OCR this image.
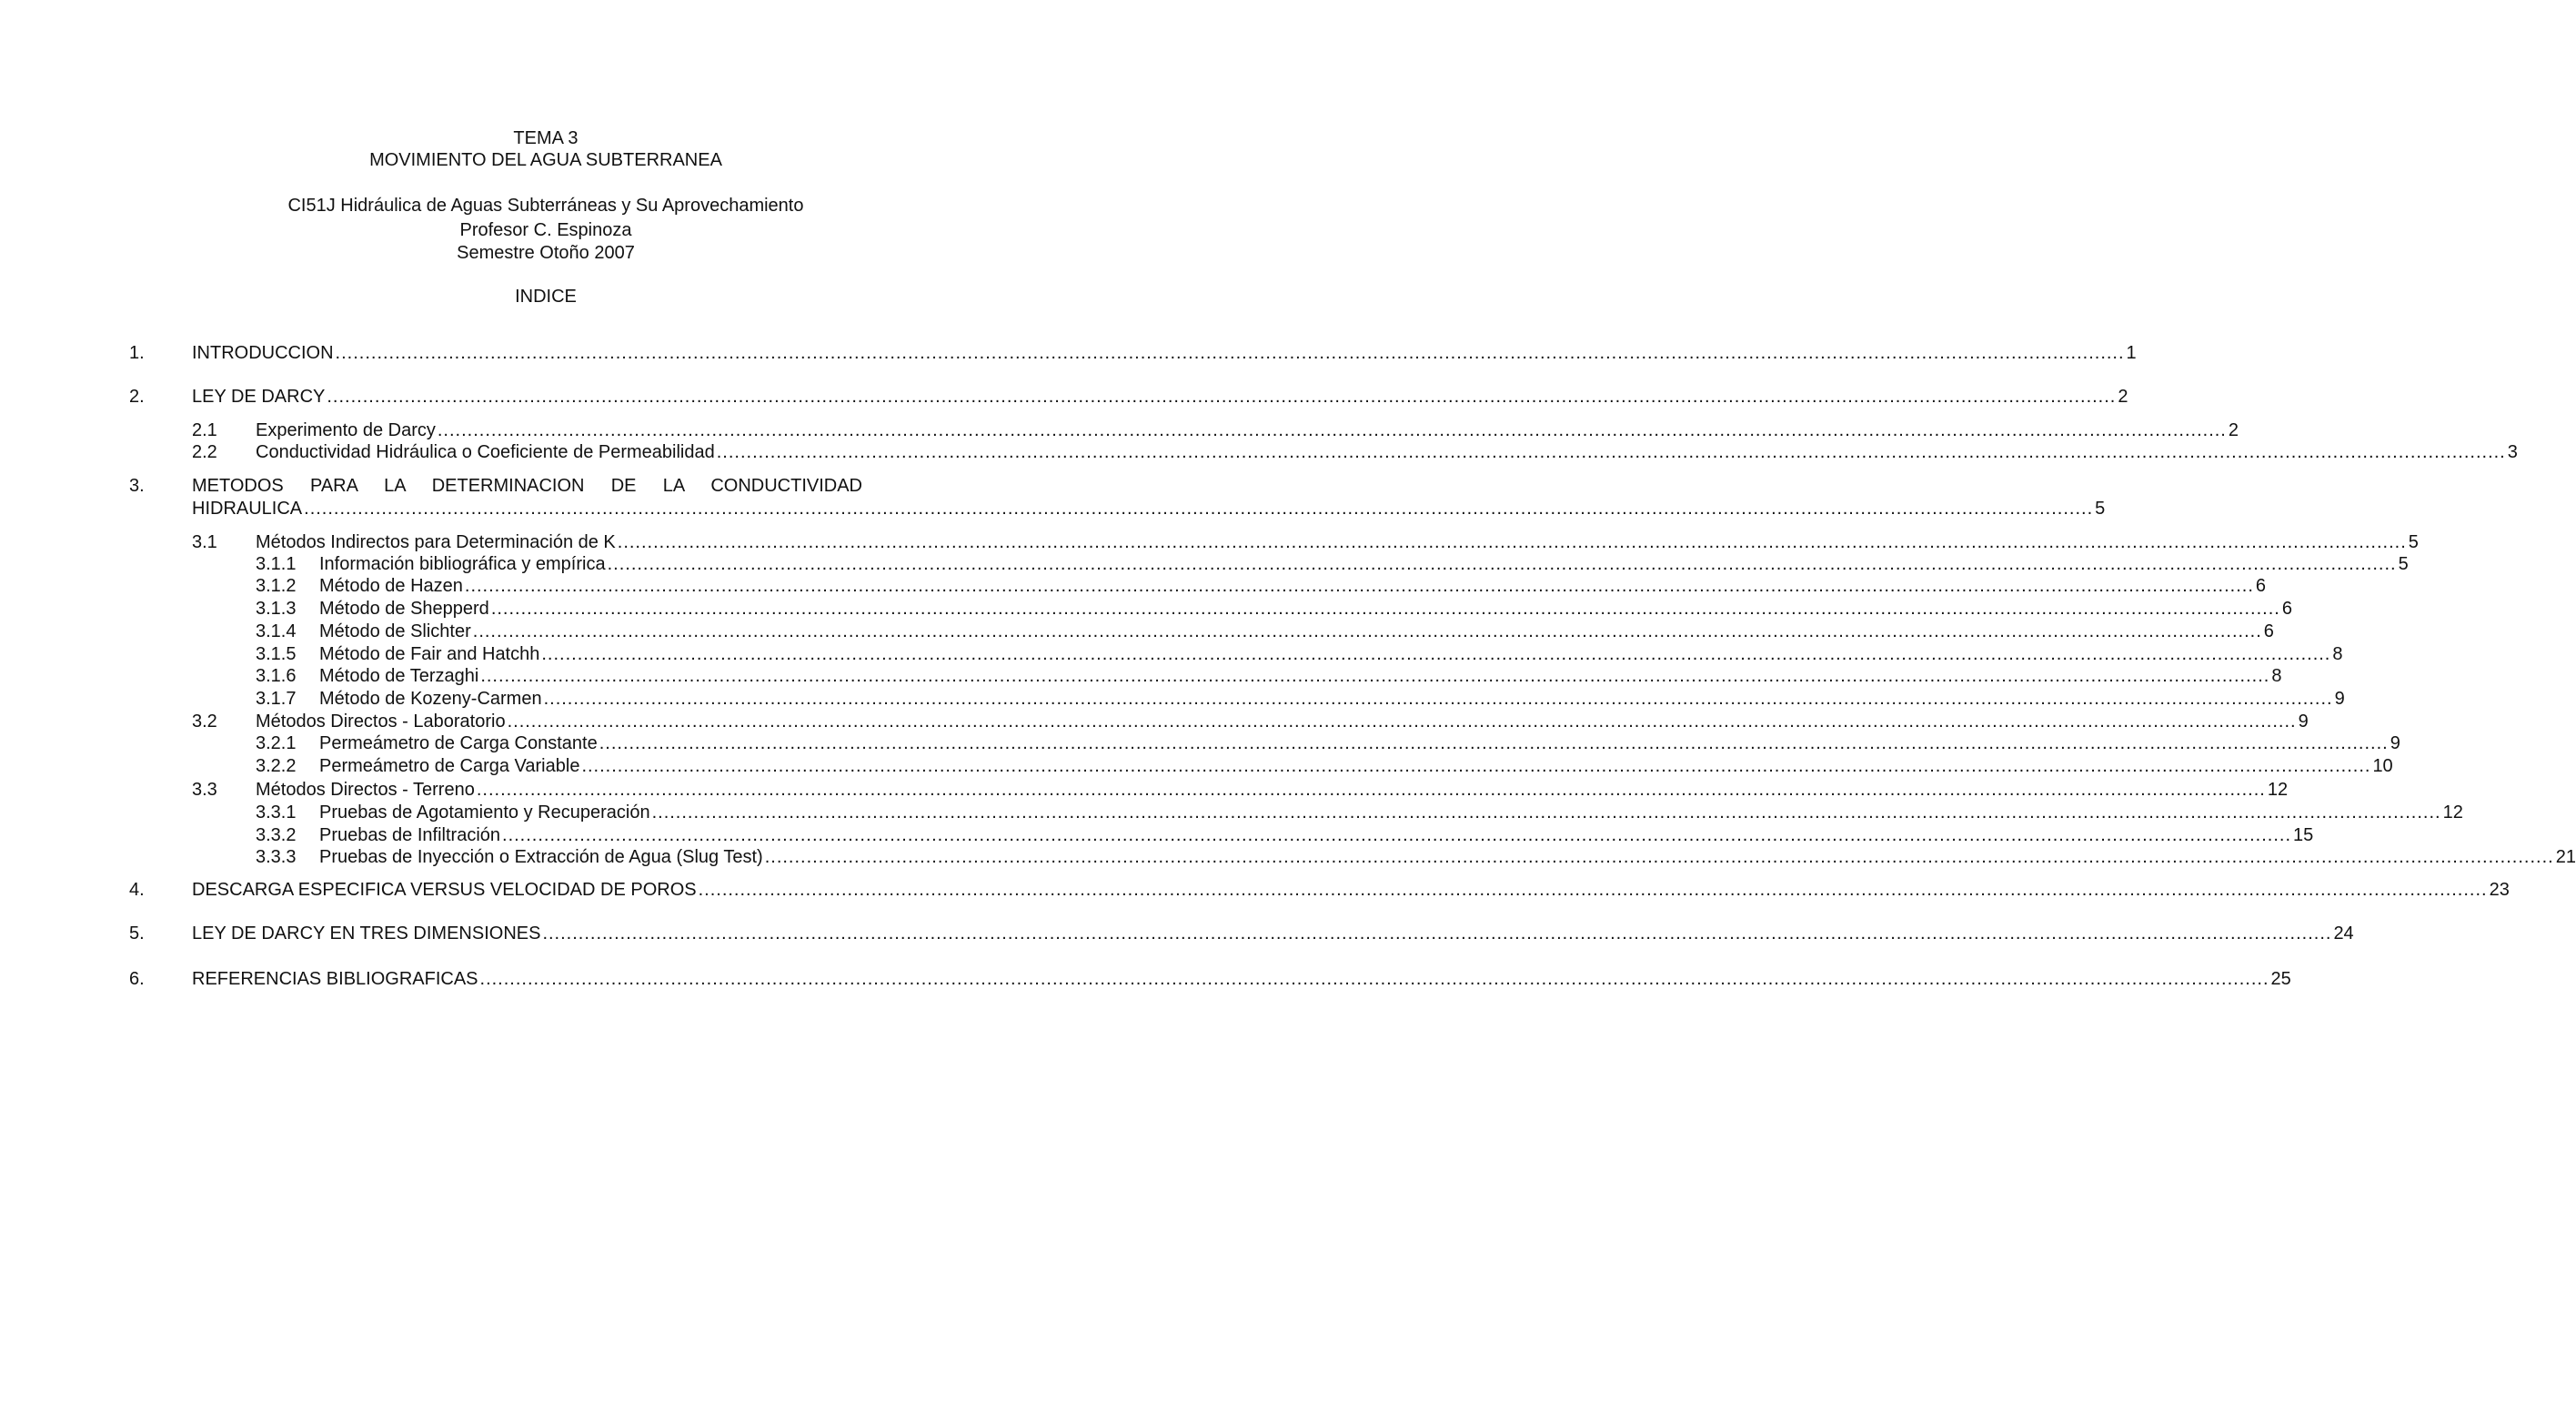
TEMA 3
MOVIMIENTO DEL AGUA SUBTERRANEA
CI51J Hidráulica de Aguas Subterráneas y Su Aprovechamiento
Profesor C. Espinoza
Semestre Otoño 2007
INDICE
1.	INTRODUCCION ............................................................................................................................................................................................................................................................................................................ 1
2.	LEY DE DARCY ............................................................................................................................................................................................................................................................................................................ 2
2.1 Experimento de Darcy ............................................................................................................................................................................................................................................................................................................ 2
2.2 Conductividad Hidráulica o Coeficiente de Permeabilidad ............................................................................................................................................................................................................................................................................................................ 3
3.	METODOS PARA LA DETERMINACION DE LA CONDUCTIVIDAD
HIDRAULICA ............................................................................................................................................................................................................................................................................................................ 5
3.1 Métodos Indirectos para Determinación de K ............................................................................................................................................................................................................................................................................................................ 5
3.1.1 Información bibliográfica y empírica ............................................................................................................................................................................................................................................................................................................ 5
3.1.2 Método de Hazen ............................................................................................................................................................................................................................................................................................................ 6
3.1.3 Método de Shepperd ............................................................................................................................................................................................................................................................................................................ 6
3.1.4 Método de Slichter ............................................................................................................................................................................................................................................................................................................ 6
3.1.5 Método de Fair and Hatchh ............................................................................................................................................................................................................................................................................................................ 8
3.1.6 Método de Terzaghi ............................................................................................................................................................................................................................................................................................................ 8
3.1.7 Método de Kozeny-Carmen ............................................................................................................................................................................................................................................................................................................ 9
3.2 Métodos Directos - Laboratorio ............................................................................................................................................................................................................................................................................................................ 9
3.2.1 Permeámetro de Carga Constante ............................................................................................................................................................................................................................................................................................................ 9
3.2.2 Permeámetro de Carga Variable ............................................................................................................................................................................................................................................................................................................ 10
3.3 Métodos Directos - Terreno ............................................................................................................................................................................................................................................................................................................ 12
3.3.1 Pruebas de Agotamiento y Recuperación ............................................................................................................................................................................................................................................................................................................ 12
3.3.2 Pruebas de Infiltración ............................................................................................................................................................................................................................................................................................................ 15
3.3.3 Pruebas de Inyección o Extracción de Agua (Slug Test) ............................................................................................................................................................................................................................................................................................................ 21
4.	DESCARGA ESPECIFICA VERSUS VELOCIDAD DE POROS ............................................................................................................................................................................................................................................................................................................ 23
5.	LEY DE DARCY EN TRES DIMENSIONES ............................................................................................................................................................................................................................................................................................................ 24
6.	REFERENCIAS BIBLIOGRAFICAS ............................................................................................................................................................................................................................................................................................................ 25
